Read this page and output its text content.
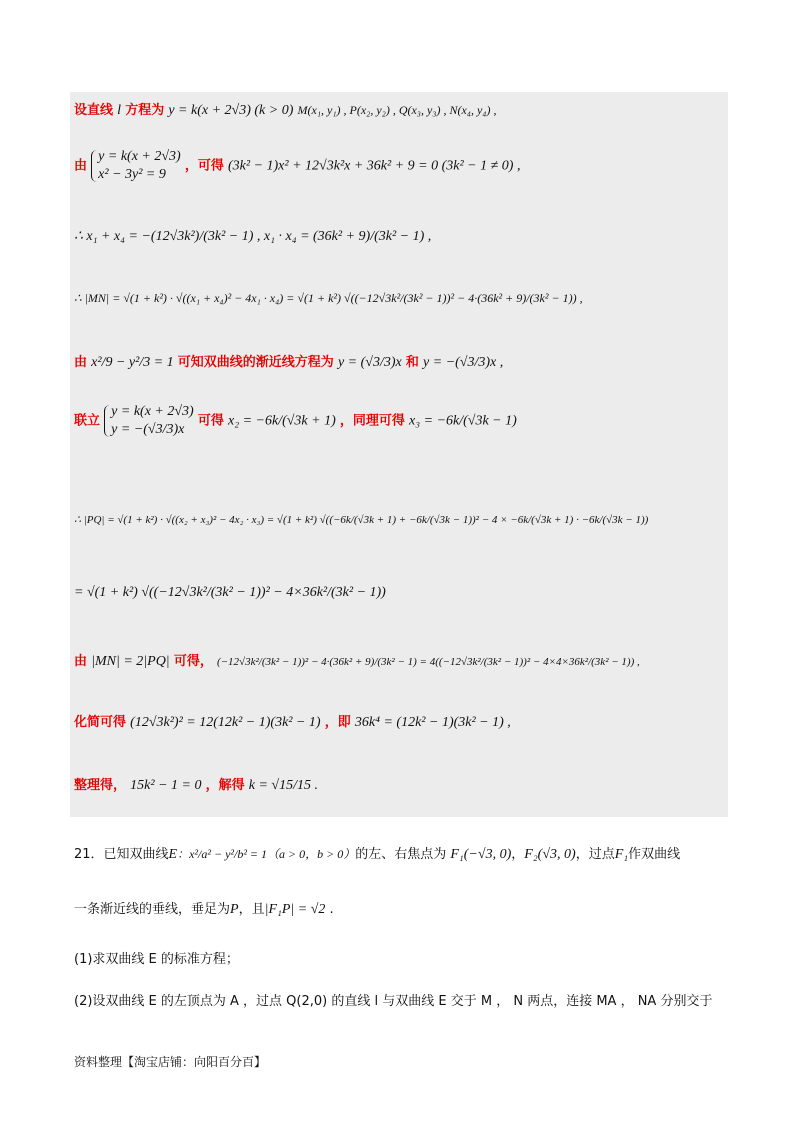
设直线 l 方程为 y = k(x + 2√3) (k > 0) M(x₁, y₁) , P(x₂, y₂) , Q(x₃, y₃) , N(x₄, y₄) ,
由
y = k(x + 2√3)
x² − 3y² = 9
，可得 (3k² − 1)x² + 12√3k²x + 36k² + 9 = 0 (3k² − 1 ≠ 0) ,
∴ x₁ + x₄ = −(12√3k²)/(3k² − 1) , x₁ · x₄ = (36k² + 9)/(3k² − 1) ,
∴ |MN| = √(1 + k²) · √((x₁ + x₄)² − 4x₁ · x₄) = √(1 + k²) √((−12√3k²/(3k² − 1))² − 4·(36k² + 9)/(3k² − 1)) ,
由 x²/9 − y²/3 = 1 可知双曲线的渐近线方程为 y = (√3/3)x 和 y = −(√3/3)x ,
联立
y = k(x + 2√3)
y = −(√3/3)x
可得 x₂ = −6k/(√3k + 1) ，同理可得 x₃ = −6k/(√3k − 1)
∴ |PQ| = √(1 + k²) · √((x₂ + x₃)² − 4x₂ · x₃) = √(1 + k²) √((−6k/(√3k + 1) + −6k/(√3k − 1))² − 4 × −6k/(√3k + 1) · −6k/(√3k − 1))
= √(1 + k²) √((−12√3k²/(3k² − 1))² − 4×36k²/(3k² − 1))
由 |MN| = 2|PQ| 可得， (−12√3k²/(3k² − 1))² − 4·(36k² + 9)/(3k² − 1) = 4((−12√3k²/(3k² − 1))² − 4×4×36k²/(3k² − 1)) ,
化简可得 (12√3k²)² = 12(12k² − 1)(3k² − 1) ，即 36k⁴ = (12k² − 1)(3k² − 1) ,
整理得， 15k² − 1 = 0 ，解得 k = √15/15 .
21．已知双曲线E：x²/a² − y²/b² = 1（a > 0，b > 0）的左、右焦点为 F₁(−√3, 0)，F₂(√3, 0)，过点F₁作双曲线
一条渐近线的垂线，垂足为P，且|F₁P| = √2 .
(1)求双曲线 E 的标准方程；
(2)设双曲线 E 的左顶点为 A ，过点 Q(2,0) 的直线 l 与双曲线 E 交于 M ， N 两点，连接 MA ， NA 分别交于
资料整理【淘宝店铺：向阳百分百】
